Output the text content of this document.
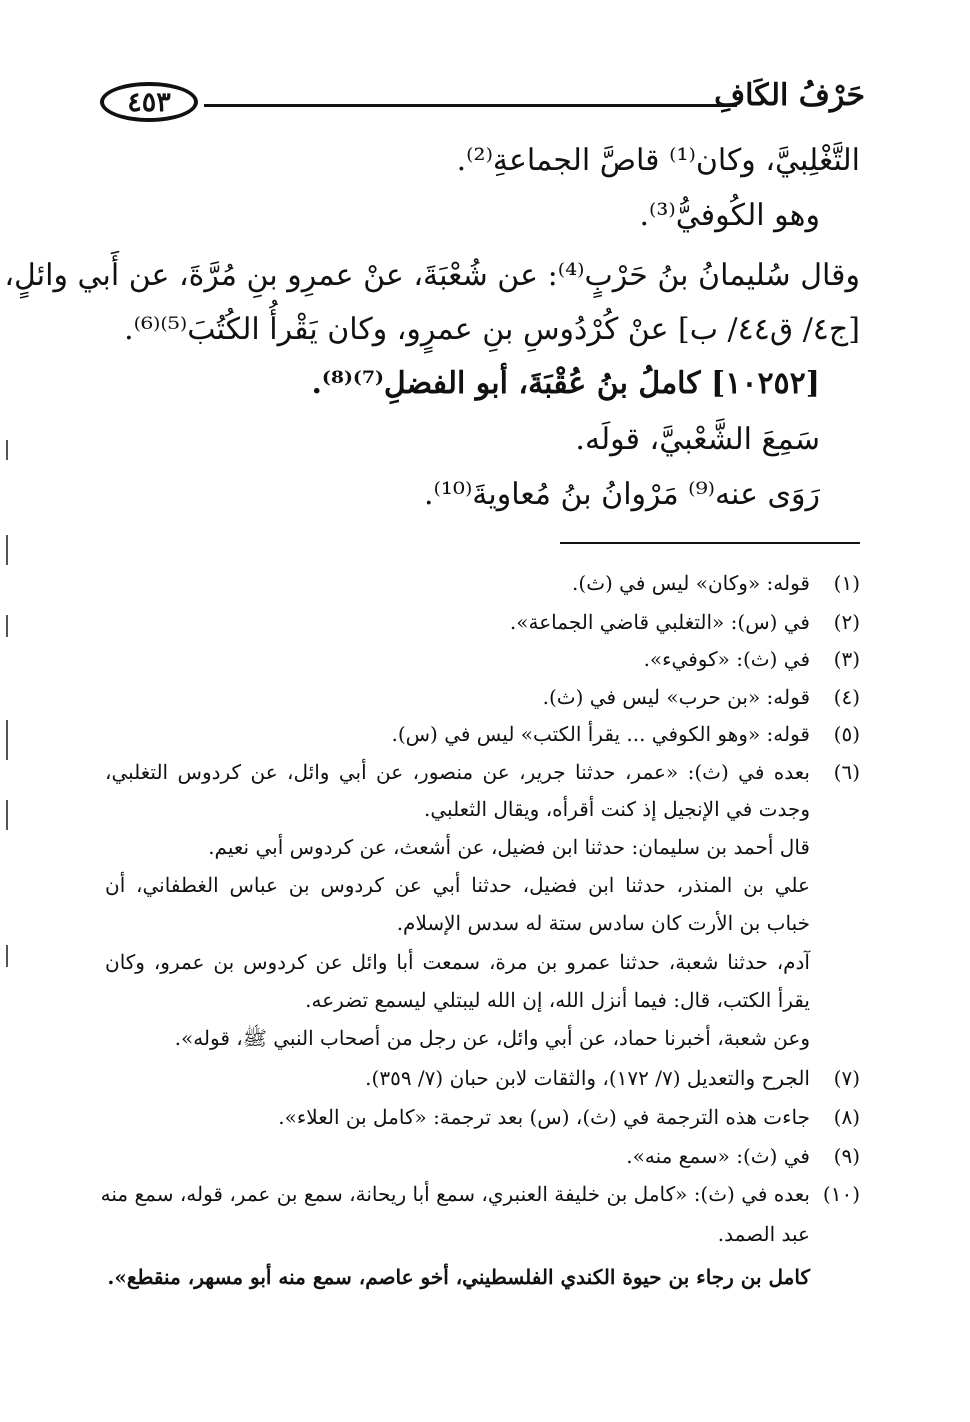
٤٥٣	حَرْفُ الكَافِ
التَّغْلِبيَّ، وكان⁽¹⁾ قاصَّ الجماعةِ⁽²⁾.
وهو الكُوفيُّ⁽³⁾.
وقال سُليمانُ بنُ حَرْبٍ⁽⁴⁾: عن شُعْبَةَ، عنْ عمرِو بنِ مُرَّةَ، عن أَبي وائلٍ،
[ج٤/ ق٤٤/ ب] عنْ كُرْدُوسِ بنِ عمرٍو، وكان يَقْرأُ الكُتُبَ⁽⁵⁾⁽⁶⁾.
[١٠٢٥٢] كاملُ بنُ عُقْبَةَ، أبو الفضلِ⁽⁷⁾⁽⁸⁾.
سَمِعَ الشَّعْبيَّ، قولَه.
رَوَى عنه⁽⁹⁾ مَرْوانُ بنُ مُعاويةَ⁽¹⁰⁾.
(١)قوله: «وكان» ليس في (ث).
(٢)في (س): «التغلبي قاضي الجماعة».
(٣)في (ث): «كوفيء».
(٤)قوله: «بن حرب» ليس في (ث).
(٥)قوله: «وهو الكوفي ... يقرأ الكتب» ليس في (س).
(٦)بعده في (ث): «عمر، حدثنا جرير، عن منصور، عن أبي وائل، عن كردوس التغلبي،
وجدت في الإنجيل إذ كنت أقرأه، ويقال الثعلبي.
قال أحمد بن سليمان: حدثنا ابن فضيل، عن أشعث، عن كردوس أبي نعيم.
علي بن المنذر، حدثنا ابن فضيل، حدثنا أبي عن كردوس بن عباس الغطفاني، أن
خباب بن الأرت كان سادس ستة له سدس الإسلام.
آدم، حدثنا شعبة، حدثنا عمرو بن مرة، سمعت أبا وائل عن كردوس بن عمرو، وكان
يقرأ الكتب، قال: فيما أنزل الله، إن الله ليبتلي ليسمع تضرعه.
وعن شعبة، أخبرنا حماد، عن أبي وائل، عن رجل من أصحاب النبي ﷺ، قوله».
(٧)الجرح والتعديل (٧/ ١٧٢)، والثقات لابن حبان (٧/ ٣٥٩).
(٨)جاءت هذه الترجمة في (ث)، (س) بعد ترجمة: «كامل بن العلاء».
(٩)في (ث): «سمع منه».
(١٠)بعده في (ث): «كامل بن خليفة العنبري، سمع أبا ريحانة، سمع بن عمر، قوله، سمع منه
عبد الصمد.
كامل بن رجاء بن حيوة الكندي الفلسطيني، أخو عاصم، سمع منه أبو مسهر، منقطع».
